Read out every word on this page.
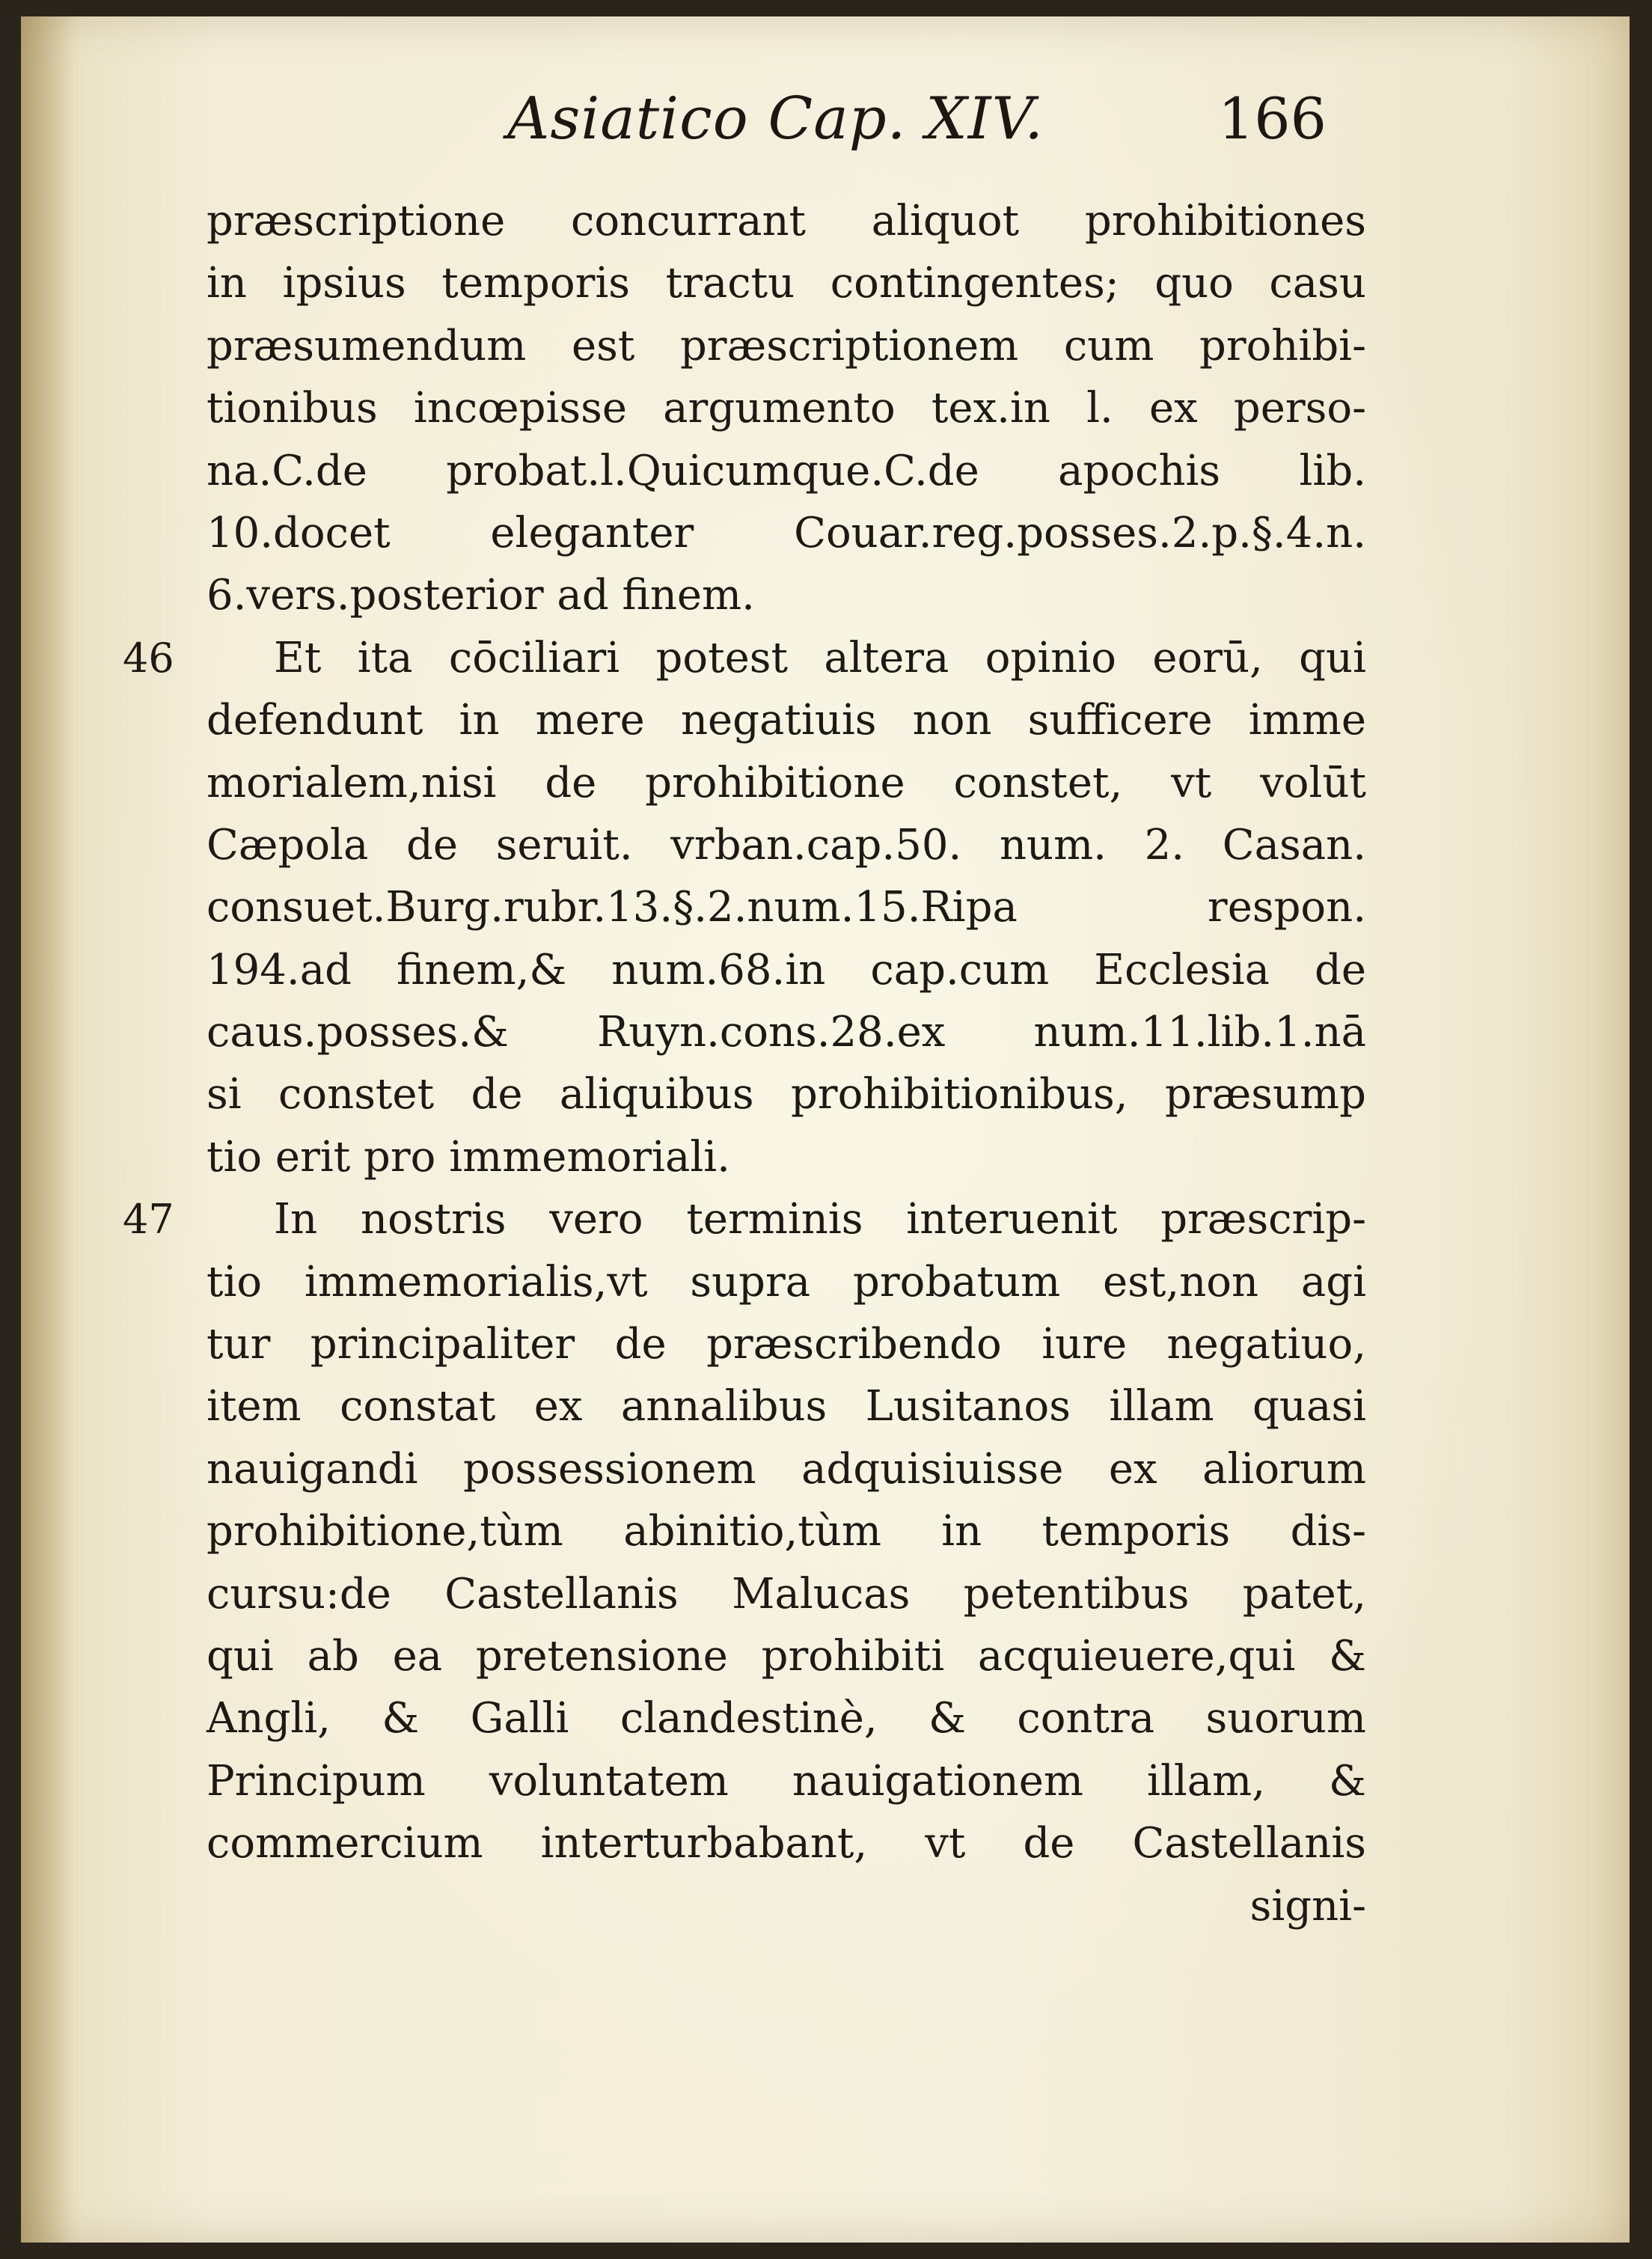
Asiatico Cap. XIV.	166
præscriptione concurrant aliquot prohibitiones
in ipsius temporis tractu contingentes; quo casu
præsumendum est præscriptionem cum prohibi-
tionibus incœpisse argumento tex.in l. ex perso-
na.C.de probat.l.Quicumque.C.de apochis lib.
10.docet eleganter Couar.reg.posses.2.p.§.4.n.
6.vers.posterior ad finem.
46 Et ita cōciliari potest altera opinio eorū, qui
defendunt in mere negatiuis non sufficere imme
morialem,nisi de prohibitione constet, vt volūt
Cæpola de seruit. vrban.cap.50. num. 2. Casan.
consuet.Burg.rubr.13.§.2.num.15.Ripa respon.
194.ad finem,& num.68.in cap.cum Ecclesia de
caus.posses.& Ruyn.cons.28.ex num.11.lib.1.nā
si constet de aliquibus prohibitionibus, præsump
tio erit pro immemoriali.
47 In nostris vero terminis interuenit præscrip-
tio immemorialis,vt supra probatum est,non agi
tur principaliter de præscribendo iure negatiuo,
item constat ex annalibus Lusitanos illam quasi
nauigandi possessionem adquisiuisse ex aliorum
prohibitione,tùm abinitio,tùm in temporis dis-
cursu:de Castellanis Malucas petentibus patet,
qui ab ea pretensione prohibiti acquieuere,qui &
Angli, & Galli clandestinè, & contra suorum
Principum voluntatem nauigationem illam, &
commercium interturbabant, vt de Castellanis
signi-
